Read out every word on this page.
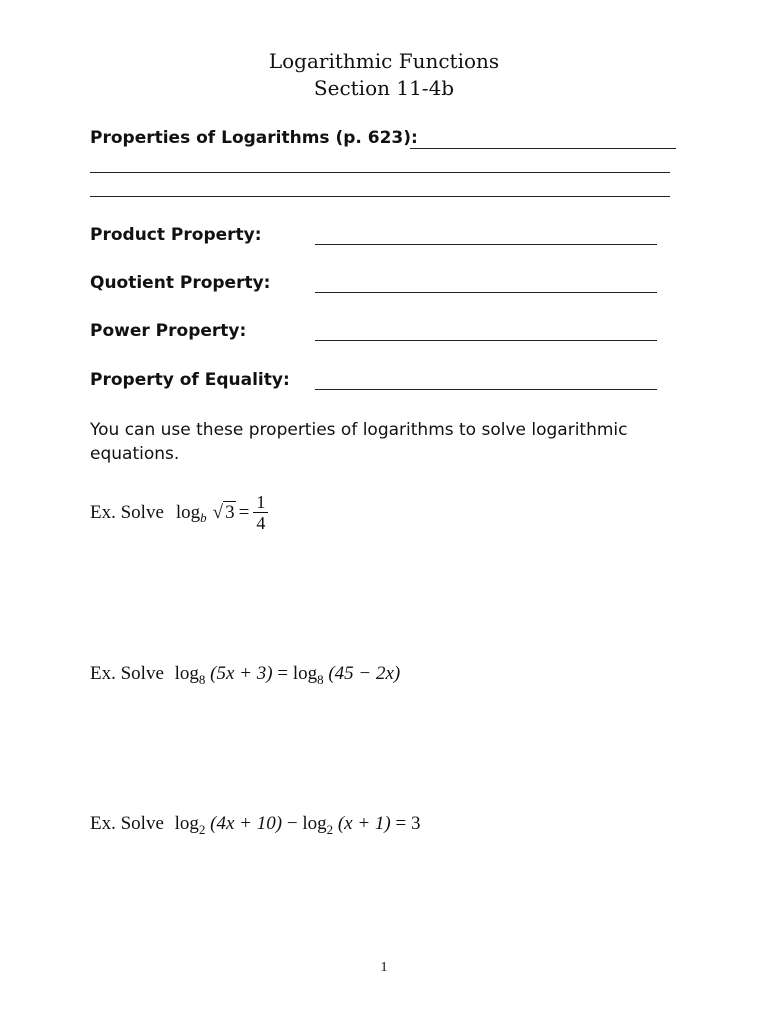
Logarithmic Functions
Section 11-4b
Properties of Logarithms (p. 623):
Product Property:
Quotient Property:
Power Property:
Property of Equality:
You can use these properties of logarithms to solve logarithmic
equations.
Ex. Solve log b √ $3 = \frac{1}{4}$
Ex. Solve $\log_8 (5x + 3) = \log_8 (45 - 2x)$
Ex. Solve $\log_2 (4x + 10) - \log_2 (x + 1) = 3$
1
